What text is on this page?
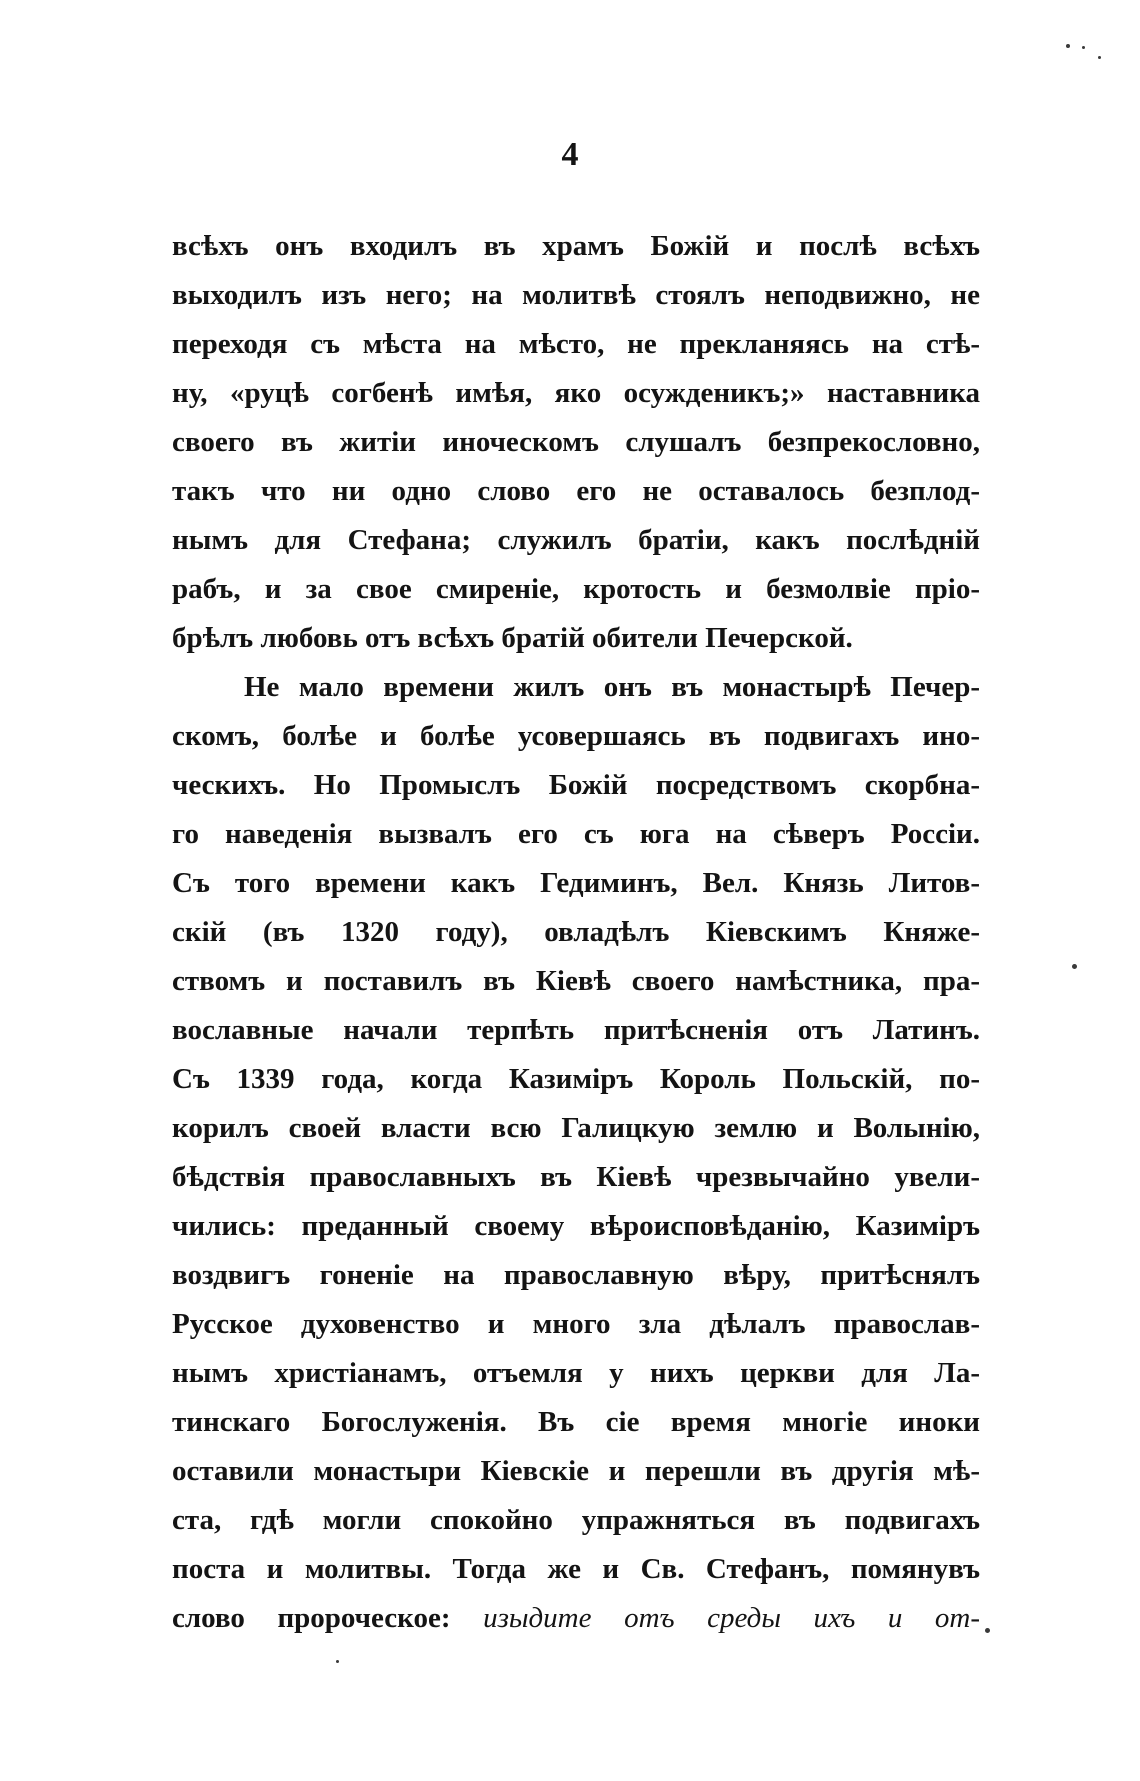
4
всѣхъ онъ входилъ въ храмъ Божій и послѣ всѣхъ
выходилъ изъ него; на молитвѣ стоялъ неподвижно, не
переходя съ мѣста на мѣсто, не прекланяясь на стѣ-
ну, «руцѣ согбенѣ имѣя, яко осужденикъ;» наставника
своего въ житіи иноческомъ слушалъ безпрекословно,
такъ что ни одно слово его не оставалось безплод-
нымъ для Стефана; служилъ братіи, какъ послѣдній
рабъ, и за свое смиреніе, кротость и безмолвіе пріо-
брѣлъ любовь отъ всѣхъ братій обители Печерской.
Не мало времени жилъ онъ въ монастырѣ Печер-
скомъ, болѣе и болѣе усовершаясь въ подвигахъ ино-
ческихъ. Но Промыслъ Божій посредствомъ скорбна-
го наведенія вызвалъ его съ юга на сѣверъ Россіи.
Съ того времени какъ Гедиминъ, Вел. Князь Литов-
скій (въ 1320 году), овладѣлъ Кіевскимъ Княже-
ствомъ и поставилъ въ Кіевѣ своего намѣстника, пра-
вославные начали терпѣть притѣсненія отъ Латинъ.
Съ 1339 года, когда Казиміръ Король Польскій, по-
корилъ своей власти всю Галицкую землю и Волынію,
бѣдствія православныхъ въ Кіевѣ чрезвычайно увели-
чились: преданный своему вѣроисповѣданію, Казиміръ
воздвигъ гоненіе на православную вѣру, притѣснялъ
Русское духовенство и много зла дѣлалъ православ-
нымъ христіанамъ, отъемля у нихъ церкви для Ла-
тинскаго Богослуженія. Въ сіе время многіе иноки
оставили монастыри Кіевскіе и перешли въ другія мѣ-
ста, гдѣ могли спокойно упражняться въ подвигахъ
поста и молитвы. Тогда же и Св. Стефанъ, помянувъ
слово пророческое: изыдите отъ среды ихъ и от-
